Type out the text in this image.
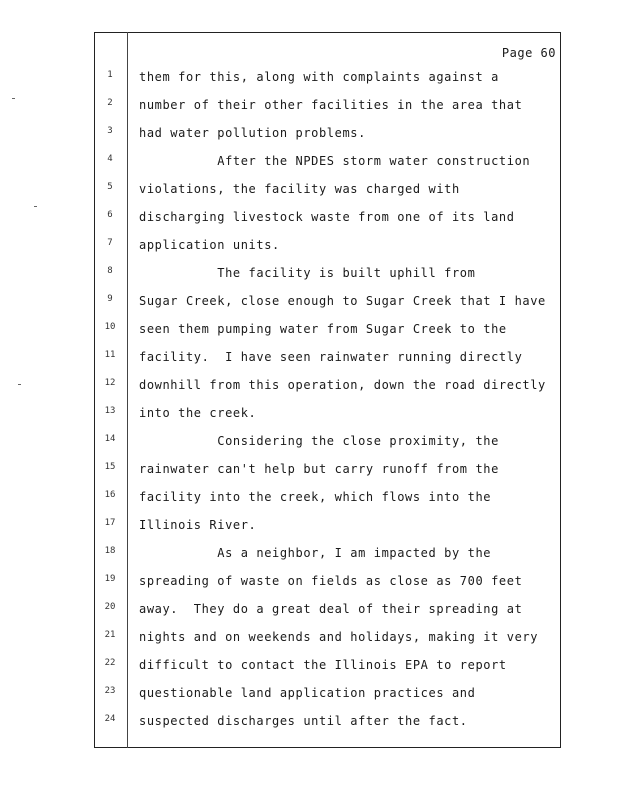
Page 60
1
2
3
4
5
6
7
8
9
10
11
12
13
14
15
16
17
18
19
20
21
22
23
24
them for this, along with complaints against a
number of their other facilities in the area that
had water pollution problems.
After the NPDES storm water construction
violations, the facility was charged with
discharging livestock waste from one of its land
application units.
The facility is built uphill from
Sugar Creek, close enough to Sugar Creek that I have
seen them pumping water from Sugar Creek to the
facility.  I have seen rainwater running directly
downhill from this operation, down the road directly
into the creek.
Considering the close proximity, the
rainwater can't help but carry runoff from the
facility into the creek, which flows into the
Illinois River.
As a neighbor, I am impacted by the
spreading of waste on fields as close as 700 feet
away.  They do a great deal of their spreading at
nights and on weekends and holidays, making it very
difficult to contact the Illinois EPA to report
questionable land application practices and
suspected discharges until after the fact.
